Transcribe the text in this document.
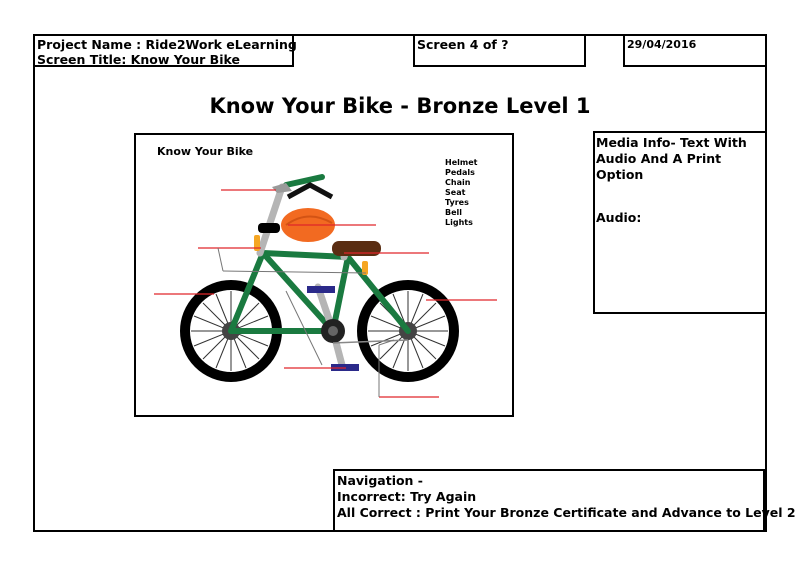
Project Name : Ride2Work eLearning
Screen Title: Know Your Bike
Screen 4 of ?	29/04/2016
Know Your Bike - Bronze Level 1
Know Your Bike
Helmet
Pedals
Chain
Seat
Tyres
Bell
Lights
Media Info- Text With Audio And A Print Option
Audio:
Navigation -
Incorrect: Try Again
All Correct : Print Your Bronze Certificate and Advance to Level 2
